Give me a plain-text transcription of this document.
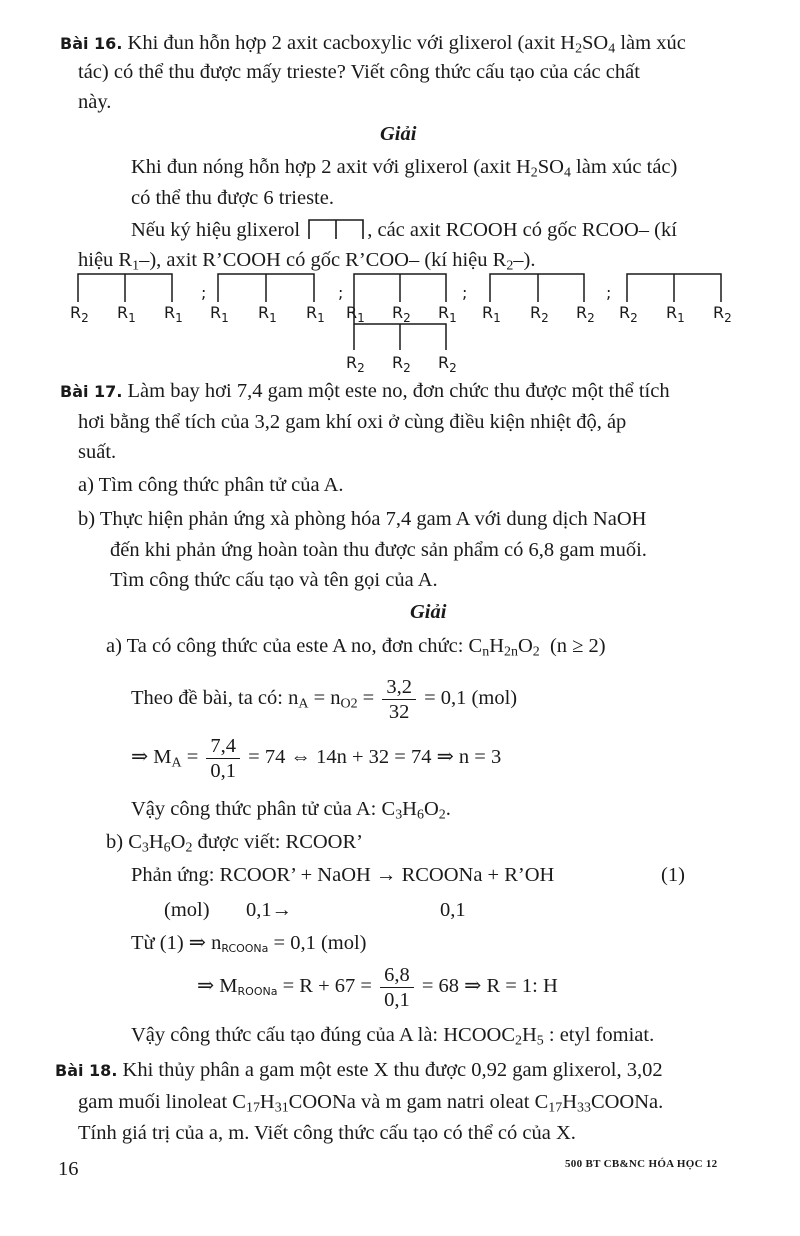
Bài 16. Khi đun hỗn hợp 2 axit cacboxylic với glixerol (axit $H_2SO_4$ làm xúc
tác) có thể thu được mấy trieste? Viết công thức cấu tạo của các chất
này.
Giải
Khi đun nóng hỗn hợp 2 axit với glixerol (axit $H_2SO_4$ làm xúc tác)
có thể thu được 6 trieste.
Nếu ký hiệu glixerol	, các axit RCOOH có gốc RCOO– (kí
hiệu $R_1-$), axit R’COOH có gốc R’COO– (kí hiệu $R_2-$).
$R_2$ $R_1$ $R_1$
;
$R_1$ $R_1$ $R_1$
;
$R_1$ $R_2$ $R_1$
;
$R_1$ $R_2$ $R_2$
;
$R_2$ $R_1$ $R_2$
$R_2$ $R_2$ $R_2$
Bài 17. Làm bay hơi 7,4 gam một este no, đơn chức thu được một thể tích
hơi bằng thể tích của 3,2 gam khí oxi ở cùng điều kiện nhiệt độ, áp
suất.
a) Tìm công thức phân tử của A.
b) Thực hiện phản ứng xà phòng hóa 7,4 gam A với dung dịch NaOH
đến khi phản ứng hoàn toàn thu được sản phẩm có 6,8 gam muối.
Tìm công thức cấu tạo và tên gọi của A.
Giải
a) Ta có công thức của este A no, đơn chức: $C_nH_{2n}O_2$ (n ≥ 2)
Theo đề bài, ta có: $n_A = n_{O2} = \frac{3,2}{32} = 0,1$ (mol)
⇒ $M_A = \frac{7,4}{0,1} = 74$ ⇔ 14n + 32 = 74 ⇒ n = 3
Vậy công thức phân tử của A: $C_3H_6O_2$.
b) $C_3H_6O_2$ được viết: RCOOR’
Phản ứng: RCOOR’ + NaOH → RCOONa + R’OH	(1)
(mol) 0,1→	0,1
Từ (1) ⇒ $n_{RCOONa} = 0,1$ (mol)
⇒ $M_{ROONa} = R + 67 = \frac{6,8}{0,1} = 68$ ⇒ R = 1: H
Vậy công thức cấu tạo đúng của A là: $HCOOC_2H_5$ : etyl fomiat.
Bài 18. Khi thủy phân a gam một este X thu được 0,92 gam glixerol, 3,02
gam muối linoleat $C_{17}H_{31}COONa$ và m gam natri oleat $C_{17}H_{33}COONa$.
Tính giá trị của a, m. Viết công thức cấu tạo có thể có của X.
16	500 BT CB&NC HÓA HỌC 12
